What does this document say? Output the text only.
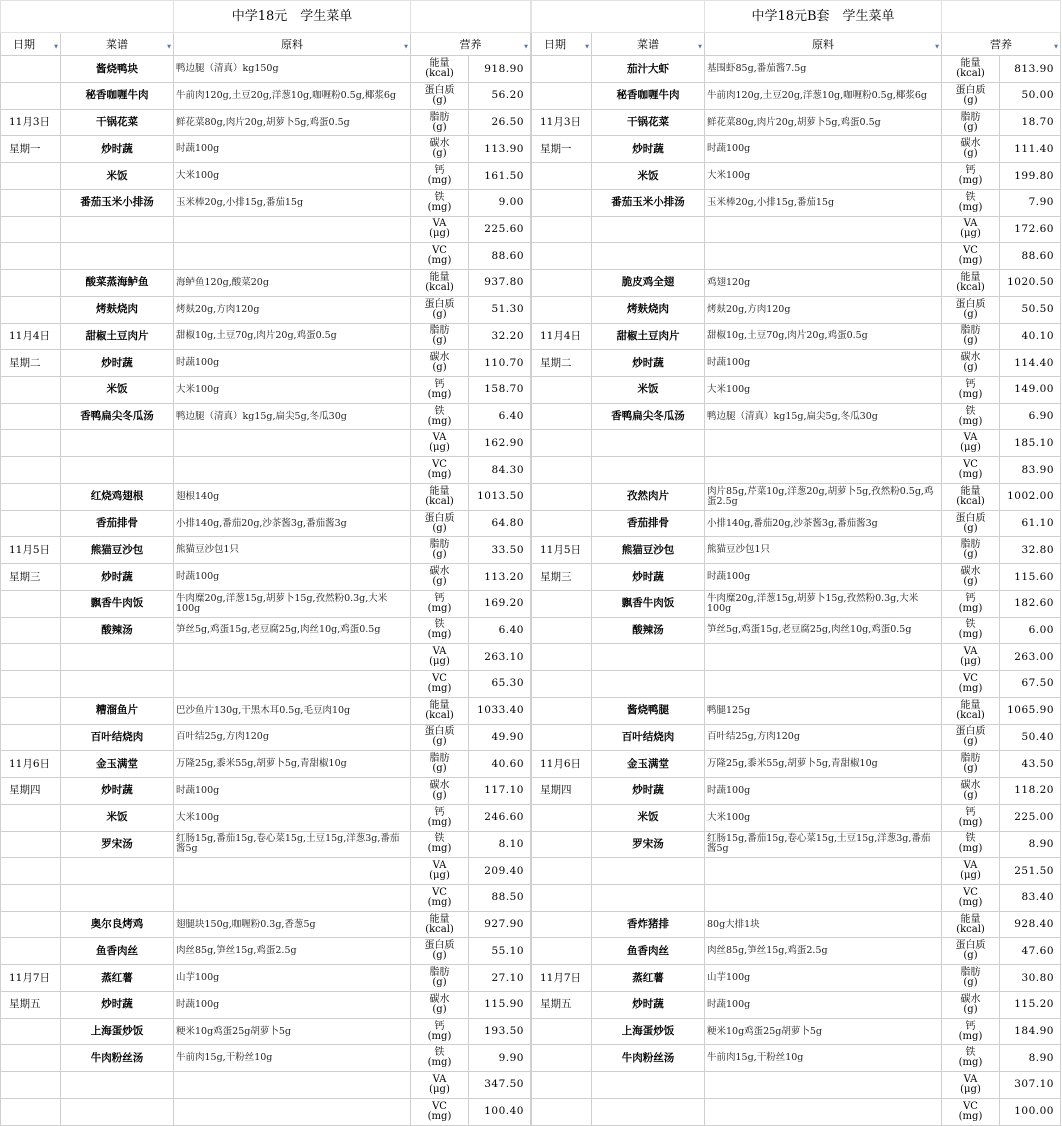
		中学18元　学生菜单		
日期 ▼	菜谱 ▼	原料 ▼	营养 ▼	

	酱烧鸭块	鸭边腿（清真）kg150g	能量
(kcal)	918.90
	秘香咖喱牛肉	牛前肉120g,土豆20g,洋葱10g,咖喱粉0.5g,椰浆6g	蛋白质
(g)	56.20
11月3日	干锅花菜	鲜花菜80g,肉片20g,胡萝卜5g,鸡蛋0.5g	脂肪
(g)	26.50
星期一	炒时蔬	时蔬100g	碳水
(g)	113.90
	米饭	大米100g	钙
(mg)	161.50
	番茄玉米小排汤	玉米棒20g,小排15g,番茄15g	铁
(mg)	9.00
			VA
(μg)	225.60
			VC
(mg)	88.60
	酸菜蒸海鲈鱼	海鲈鱼120g,酸菜20g	能量
(kcal)	937.80
	烤麸烧肉	烤麸20g,方肉120g	蛋白质
(g)	51.30
11月4日	甜椒土豆肉片	甜椒10g,土豆70g,肉片20g,鸡蛋0.5g	脂肪
(g)	32.20
星期二	炒时蔬	时蔬100g	碳水
(g)	110.70
	米饭	大米100g	钙
(mg)	158.70
	香鸭扁尖冬瓜汤	鸭边腿（清真）kg15g,扁尖5g,冬瓜30g	铁
(mg)	6.40
			VA
(μg)	162.90
			VC
(mg)	84.30
	红烧鸡翅根	翅根140g	能量
(kcal)	1013.50
	香茄排骨	小排140g,番茄20g,沙茶酱3g,番茄酱3g	蛋白质
(g)	64.80
11月5日	熊猫豆沙包	熊猫豆沙包1只	脂肪
(g)	33.50
星期三	炒时蔬	时蔬100g	碳水
(g)	113.20
	飘香牛肉饭	牛肉糜20g,洋葱15g,胡萝卜15g,孜然粉0.3g,大米100g	钙
(mg)	169.20
	酸辣汤	笋丝5g,鸡蛋15g,老豆腐25g,肉丝10g,鸡蛋0.5g	铁
(mg)	6.40
			VA
(μg)	263.10
			VC
(mg)	65.30
	糟溜鱼片	巴沙鱼片130g,干黑木耳0.5g,毛豆肉10g	能量
(kcal)	1033.40
	百叶结烧肉	百叶结25g,方肉120g	蛋白质
(g)	49.90
11月6日	金玉满堂	万隆25g,黍米55g,胡萝卜5g,青甜椒10g	脂肪
(g)	40.60
星期四	炒时蔬	时蔬100g	碳水
(g)	117.10
	米饭	大米100g	钙
(mg)	246.60
	罗宋汤	红肠15g,番茄15g,卷心菜15g,土豆15g,洋葱3g,番茄酱5g	铁
(mg)	8.10
			VA
(μg)	209.40
			VC
(mg)	88.50
	奥尔良烤鸡	翅腿块150g,咖喱粉0.3g,香葱5g	能量
(kcal)	927.90
	鱼香肉丝	肉丝85g,笋丝15g,鸡蛋2.5g	蛋白质
(g)	55.10
11月7日	蒸红薯	山芋100g	脂肪
(g)	27.10
星期五	炒时蔬	时蔬100g	碳水
(g)	115.90
	上海蛋炒饭	粳米10g鸡蛋25g胡萝卜5g	钙
(mg)	193.50
	牛肉粉丝汤	牛前肉15g,干粉丝10g	铁
(mg)	9.90
			VA
(μg)	347.50
			VC
(mg)	100.40
		中学18元B套　学生菜单		
日期 ▼	菜谱 ▼	原料 ▼	营养 ▼	

	茄汁大虾	基围虾85g,番茄酱7.5g	能量
(kcal)	813.90
	秘香咖喱牛肉	牛前肉120g,土豆20g,洋葱10g,咖喱粉0.5g,椰浆6g	蛋白质
(g)	50.00
11月3日	干锅花菜	鲜花菜80g,肉片20g,胡萝卜5g,鸡蛋0.5g	脂肪
(g)	18.70
星期一	炒时蔬	时蔬100g	碳水
(g)	111.40
	米饭	大米100g	钙
(mg)	199.80
	番茄玉米小排汤	玉米棒20g,小排15g,番茄15g	铁
(mg)	7.90
			VA
(μg)	172.60
			VC
(mg)	88.60
	脆皮鸡全翅	鸡翅120g	能量
(kcal)	1020.50
	烤麸烧肉	烤麸20g,方肉120g	蛋白质
(g)	50.50
11月4日	甜椒土豆肉片	甜椒10g,土豆70g,肉片20g,鸡蛋0.5g	脂肪
(g)	40.10
星期二	炒时蔬	时蔬100g	碳水
(g)	114.40
	米饭	大米100g	钙
(mg)	149.00
	香鸭扁尖冬瓜汤	鸭边腿（清真）kg15g,扁尖5g,冬瓜30g	铁
(mg)	6.90
			VA
(μg)	185.10
			VC
(mg)	83.90
	孜然肉片	肉片85g,芹菜10g,洋葱20g,胡萝卜5g,孜然粉0.5g,鸡蛋2.5g	能量
(kcal)	1002.00
	香茄排骨	小排140g,番茄20g,沙茶酱3g,番茄酱3g	蛋白质
(g)	61.10
11月5日	熊猫豆沙包	熊猫豆沙包1只	脂肪
(g)	32.80
星期三	炒时蔬	时蔬100g	碳水
(g)	115.60
	飘香牛肉饭	牛肉糜20g,洋葱15g,胡萝卜15g,孜然粉0.3g,大米100g	钙
(mg)	182.60
	酸辣汤	笋丝5g,鸡蛋15g,老豆腐25g,肉丝10g,鸡蛋0.5g	铁
(mg)	6.00
			VA
(μg)	263.00
			VC
(mg)	67.50
	酱烧鸭腿	鸭腿125g	能量
(kcal)	1065.90
	百叶结烧肉	百叶结25g,方肉120g	蛋白质
(g)	50.40
11月6日	金玉满堂	万隆25g,黍米55g,胡萝卜5g,青甜椒10g	脂肪
(g)	43.50
星期四	炒时蔬	时蔬100g	碳水
(g)	118.20
	米饭	大米100g	钙
(mg)	225.00
	罗宋汤	红肠15g,番茄15g,卷心菜15g,土豆15g,洋葱3g,番茄酱5g	铁
(mg)	8.90
			VA
(μg)	251.50
			VC
(mg)	83.40
	香炸猪排	80g大排1块	能量
(kcal)	928.40
	鱼香肉丝	肉丝85g,笋丝15g,鸡蛋2.5g	蛋白质
(g)	47.60
11月7日	蒸红薯	山芋100g	脂肪
(g)	30.80
星期五	炒时蔬	时蔬100g	碳水
(g)	115.20
	上海蛋炒饭	粳米10g鸡蛋25g胡萝卜5g	钙
(mg)	184.90
	牛肉粉丝汤	牛前肉15g,干粉丝10g	铁
(mg)	8.90
			VA
(μg)	307.10
			VC
(mg)	100.00
